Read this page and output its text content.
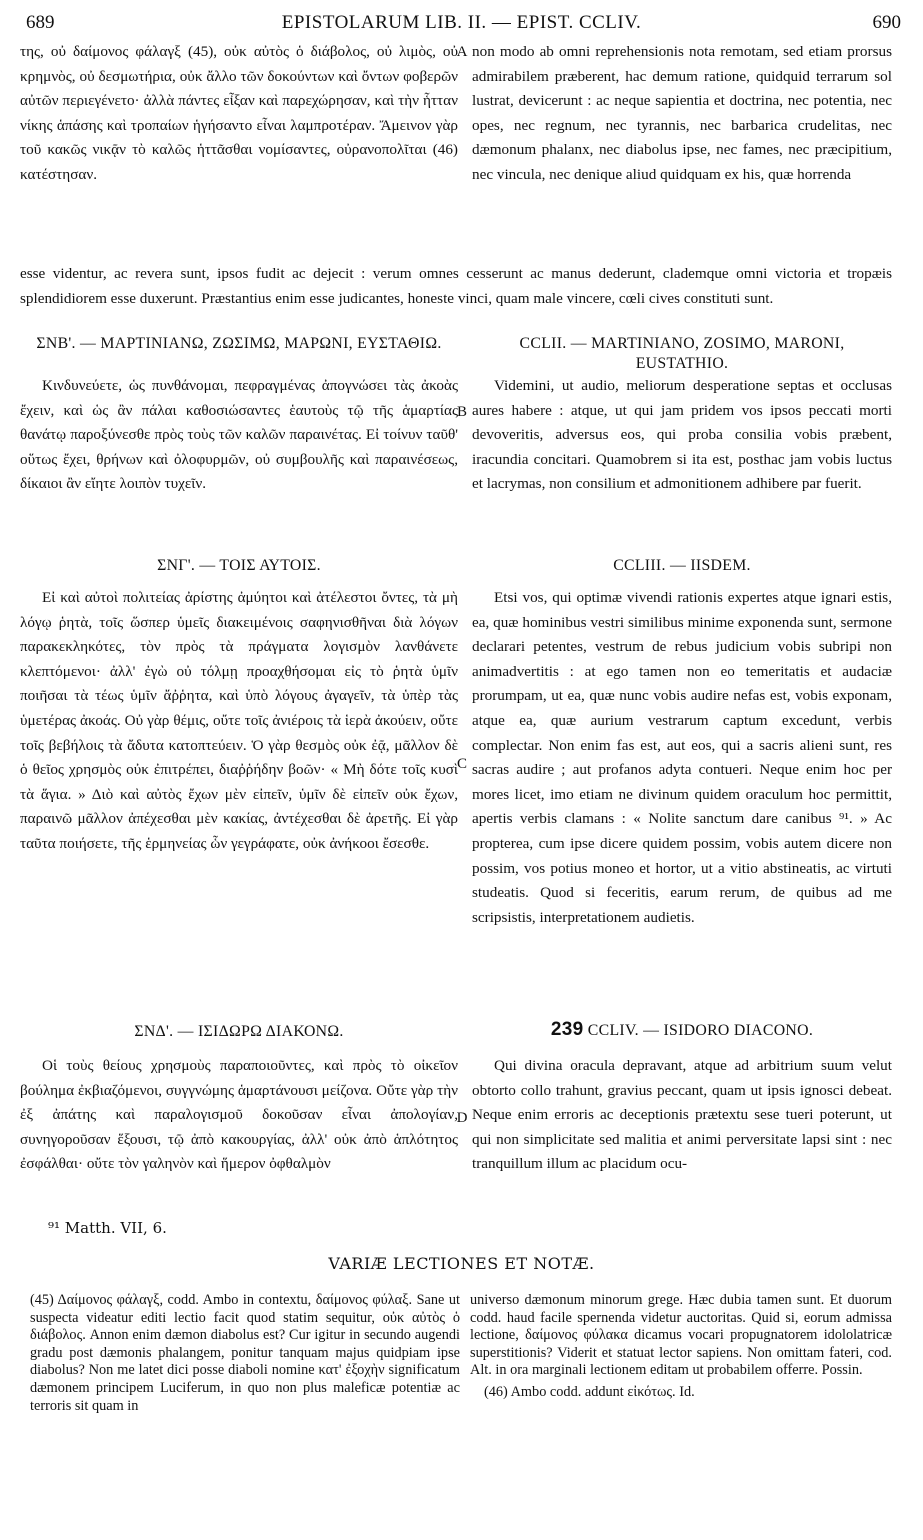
689	EPISTOLARUM LIB. II. — EPIST. CCLIV.	690
της, οὐ δαίμονος φάλαγξ (45), οὐκ αὐτὸς ὁ διάβολος, οὐ λιμὸς, οὐ κρημνὸς, οὐ δεσμωτήρια, οὐκ ἄλλο τῶν δοκούντων καὶ ὄντων φοβερῶν αὐτῶν περιεγένετο· ἀλλὰ πάντες εἶξαν καὶ παρεχώρησαν, καὶ τὴν ἧτταν νίκης ἁπάσης καὶ τροπαίων ἡγήσαντο εἶναι λαμπροτέραν. Ἄμεινον γὰρ τοῦ κακῶς νικᾷν τὸ καλῶς ἡττᾶσθαι νομίσαντες, οὐρανοπολῖται (46) κατέστησαν.
A non modo ab omni reprehensionis nota remotam, sed etiam prorsus admirabilem præberent, hac demum ratione, quidquid terrarum sol lustrat, devicerunt : ac neque sapientia et doctrina, nec potentia, nec opes, nec regnum, nec tyrannis, nec barbarica crudelitas, nec dæmonum phalanx, nec diabolus ipse, nec fames, nec præcipitium, nec vincula, nec denique aliud quidquam ex his, quæ horrenda
esse videntur, ac revera sunt, ipsos fudit ac dejecit : verum omnes cesserunt ac manus dederunt, clademque omni victoria et tropæis splendidiorem esse duxerunt. Præstantius enim esse judicantes, honeste vinci, quam male vincere, cœli cives constituti sunt.
ΣΝΒ'. — ΜΑΡΤΙΝΙΑΝΩ, ΖΩΣΙΜΩ, ΜΑΡΩΝΙ, ΕΥΣΤΑΘΙΩ.	CCLII. — MARTINIANO, ZOSIMO, MARONI, EUSTATHIO.
Κινδυνεύετε, ὡς πυνθάνομαι, πεφραγμένας ἀπογνώσει τὰς ἀκοὰς ἔχειν, καὶ ὡς ἂν πάλαι καθοσιώσαντες ἑαυτοὺς τῷ τῆς ἁμαρτίας θανάτῳ παροξύνεσθε πρὸς τοὺς τῶν καλῶν παραινέτας. Εἰ τοίνυν ταῦθ' οὕτως ἔχει, θρήνων καὶ ὀλοφυρμῶν, οὐ συμβουλῆς καὶ παραινέσεως, δίκαιοι ἂν εἴητε λοιπὸν τυχεῖν.
B
Videmini, ut audio, meliorum desperatione septas et occlusas aures habere : atque, ut qui jam pridem vos ipsos peccati morti devoveritis, adversus eos, qui proba consilia vobis præbent, iracundia concitari. Quamobrem si ita est, posthac jam vobis luctus et lacrymas, non consilium et admonitionem adhibere par fuerit.
ΣΝΓ'. — ΤΟΙΣ ΑΥΤΟΙΣ.	CCLIII. — IISDEM.
Εἰ καὶ αὐτοὶ πολιτείας ἀρίστης ἀμύητοι καὶ ἀτέλεστοι ὄντες, τὰ μὴ λόγῳ ῥητὰ, τοῖς ὥσπερ ὑμεῖς διακειμένοις σαφηνισθῆναι διὰ λόγων παρακεκληκότες, τὸν πρὸς τὰ πράγματα λογισμὸν λανθάνετε κλεπτόμενοι· ἀλλ' ἐγὼ οὐ τόλμῃ προαχθήσομαι εἰς τὸ ῥητὰ ὑμῖν ποιῆσαι τὰ τέως ὑμῖν ἄῤῥητα, καὶ ὑπὸ λόγους ἀγαγεῖν, τὰ ὑπὲρ τὰς ὑμετέρας ἀκοάς. Οὐ γὰρ θέμις, οὔτε τοῖς ἀνιέροις τὰ ἱερὰ ἀκούειν, οὔτε τοῖς βεβήλοις τὰ ἄδυτα κατοπτεύειν. Ὁ γὰρ θεσμὸς οὐκ ἐᾷ, μᾶλλον δὲ ὁ θεῖος χρησμὸς οὐκ ἐπιτρέπει, διαῤῥήδην βοῶν· « Μὴ δότε τοῖς κυσὶ τὰ ἅγια. » Διὸ καὶ αὐτὸς ἔχων μὲν εἰπεῖν, ὑμῖν δὲ εἰπεῖν οὐκ ἔχων, παραινῶ μᾶλλον ἀπέχεσθαι μὲν κακίας, ἀντέχεσθαι δὲ ἀρετῆς. Εἰ γὰρ ταῦτα ποιήσετε, τῆς ἑρμηνείας ὧν γεγράφατε, οὐκ ἀνήκοοι ἔσεσθε.
C
Etsi vos, qui optimæ vivendi rationis expertes atque ignari estis, ea, quæ hominibus vestri similibus minime exponenda sunt, sermone declarari petentes, vestrum de rebus judicium vobis subripi non animadvertitis : at ego tamen non eo temeritatis et audaciæ prorumpam, ut ea, quæ nunc vobis audire nefas est, vobis exponam, atque ea, quæ aurium vestrarum captum excedunt, verbis complectar. Non enim fas est, aut eos, qui a sacris alieni sunt, res sacras audire ; aut profanos adyta contueri. Neque enim hoc per mores licet, imo etiam ne divinum quidem oraculum hoc permittit, apertis verbis clamans : « Nolite sanctum dare canibus ⁹¹. » Ac propterea, cum ipse dicere quidem possim, vobis autem dicere non possim, vos potius moneo et hortor, ut a vitio abstineatis, ac virtuti studeatis. Quod si feceritis, earum rerum, de quibus ad me scripsistis, interpretationem audietis.
ΣΝΔ'. — ΙΣΙΔΩΡΩ ΔΙΑΚΟΝΩ.	239 CCLIV. — ISIDORO DIACONO.
Οἱ τοὺς θείους χρησμοὺς παραποιοῦντες, καὶ πρὸς τὸ οἰκεῖον βούλημα ἐκβιαζόμενοι, συγγνώμης ἁμαρτάνουσι μείζονα. Οὔτε γὰρ τὴν ἐξ ἀπάτης καὶ παραλογισμοῦ δοκοῦσαν εἶναι ἀπολογίαν, συνηγοροῦσαν ἕξουσι, τῷ ἀπὸ κακουργίας, ἀλλ' οὐκ ἀπὸ ἁπλότητος ἐσφάλθαι· οὔτε τὸν γαληνὸν καὶ ἥμερον ὀφθαλμὸν
D
Qui divina oracula depravant, atque ad arbitrium suum velut obtorto collo trahunt, gravius peccant, quam ut ipsis ignosci debeat. Neque enim erroris ac deceptionis prætextu sese tueri poterunt, ut qui non simplicitate sed malitia et animi perversitate lapsi sint : nec tranquillum illum ac placidum ocu-
⁹¹ Matth. VII, 6.
VARIÆ LECTIONES ET NOTÆ.
(45) Δαίμονος φάλαγξ, codd. Ambo in contextu, δαίμονος φύλαξ. Sane ut suspecta videatur editi lectio facit quod statim sequitur, οὐκ αὐτὸς ὁ διάβολος. Annon enim dæmon diabolus est? Cur igitur in secundo augendi gradu post dæmonis phalangem, ponitur tanquam majus quidpiam ipse diabolus? Non me latet dici posse diaboli nomine κατ' ἐξοχὴν significatum dæmonem principem Luciferum, in quo non plus maleficæ potentiæ ac terroris sit quam in

universo dæmonum minorum grege. Hæc dubia tamen sunt. Et duorum codd. haud facile spernenda videtur auctoritas. Quid si, eorum admissa lectione, δαίμονος φύλακα dicamus vocari propugnatorem idololatricæ superstitionis? Viderit et statuat lector sapiens. Non omittam fateri, cod. Alt. in ora marginali lectionem editam ut probabilem offerre. Possin.

(46) Ambo codd. addunt εἰκότως. Id.
